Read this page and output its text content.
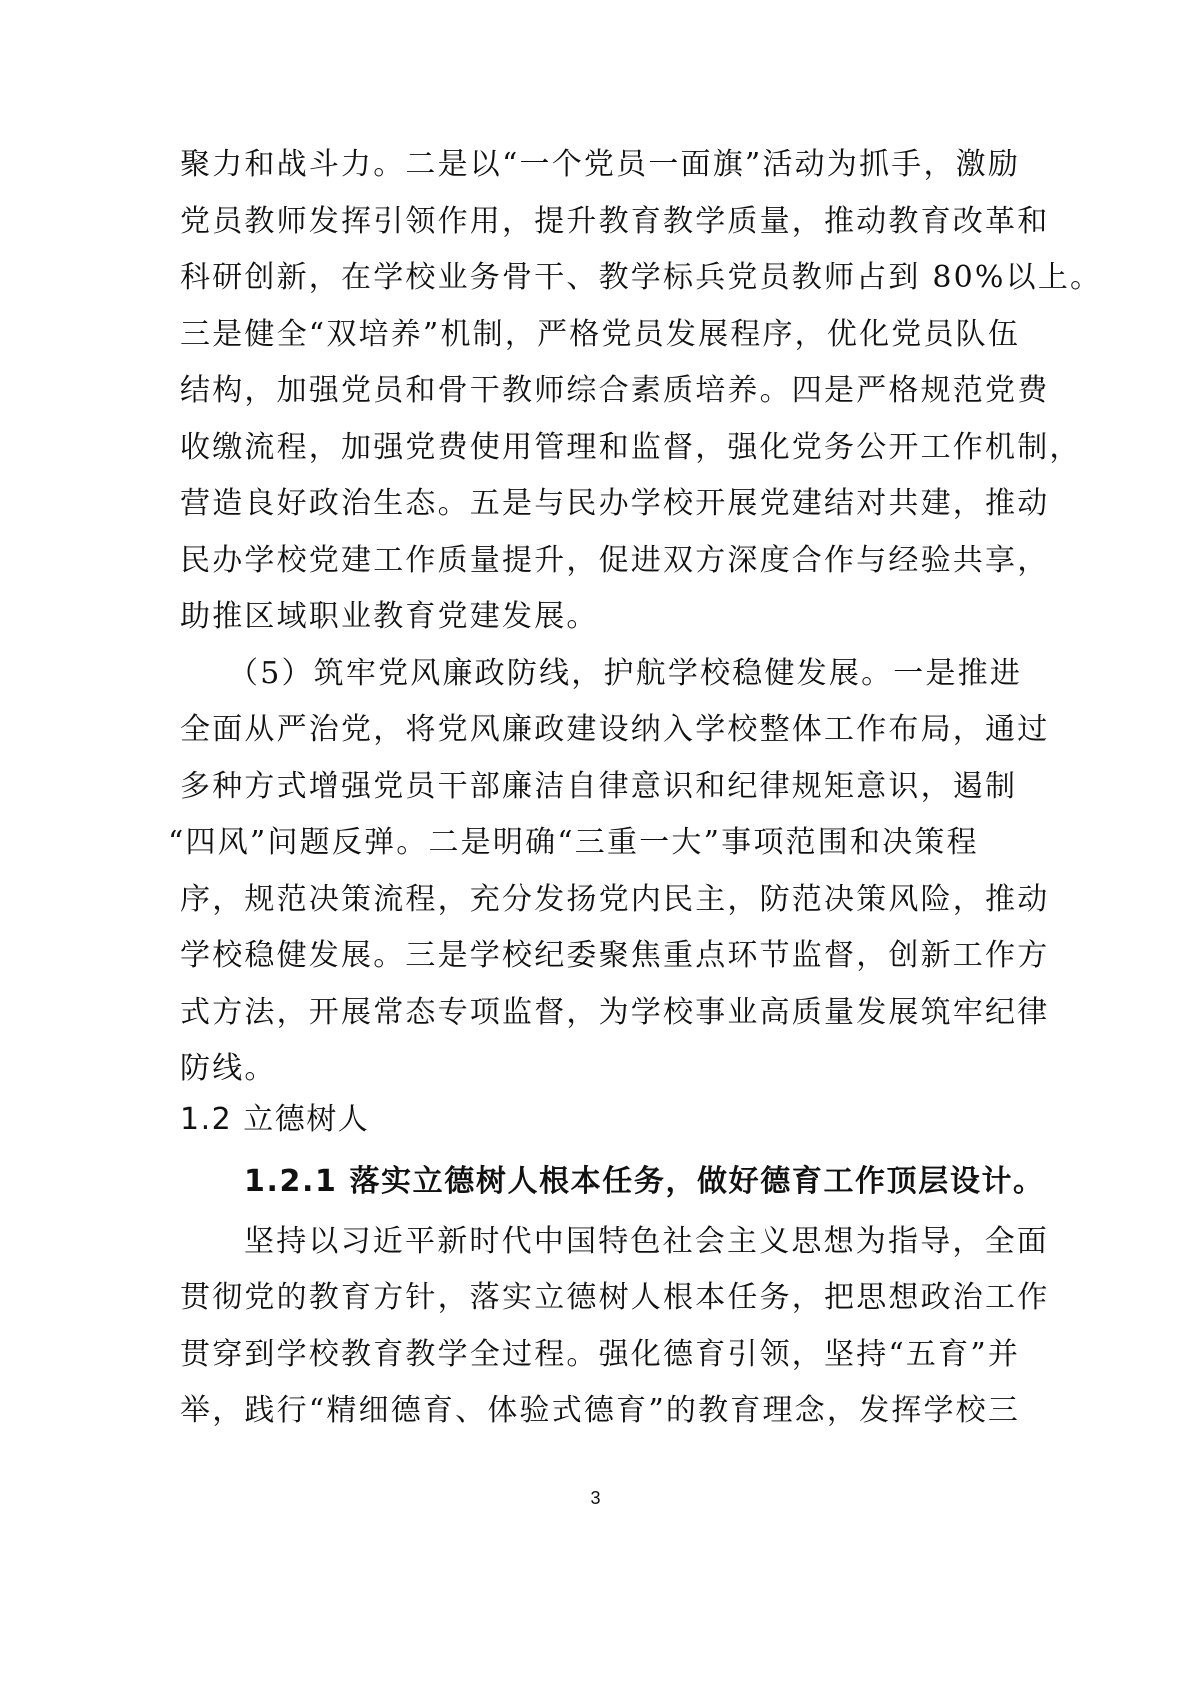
聚力和战斗力。二是以“一个党员一面旗”活动为抓手，激励
党员教师发挥引领作用，提升教育教学质量，推动教育改革和
科研创新，在学校业务骨干、教学标兵党员教师占到 80%以上。
三是健全“双培养”机制，严格党员发展程序，优化党员队伍
结构，加强党员和骨干教师综合素质培养。四是严格规范党费
收缴流程，加强党费使用管理和监督，强化党务公开工作机制，
营造良好政治生态。五是与民办学校开展党建结对共建，推动
民办学校党建工作质量提升，促进双方深度合作与经验共享，
助推区域职业教育党建发展。
（5）筑牢党风廉政防线，护航学校稳健发展。一是推进
全面从严治党，将党风廉政建设纳入学校整体工作布局，通过
多种方式增强党员干部廉洁自律意识和纪律规矩意识，遏制
“四风”问题反弹。二是明确“三重一大”事项范围和决策程
序，规范决策流程，充分发扬党内民主，防范决策风险，推动
学校稳健发展。三是学校纪委聚焦重点环节监督，创新工作方
式方法，开展常态专项监督，为学校事业高质量发展筑牢纪律
防线。
1.2 立德树人
1.2.1 落实立德树人根本任务，做好德育工作顶层设计。
坚持以习近平新时代中国特色社会主义思想为指导，全面
贯彻党的教育方针，落实立德树人根本任务，把思想政治工作
贯穿到学校教育教学全过程。强化德育引领，坚持“五育”并
举，践行“精细德育、体验式德育”的教育理念，发挥学校三
3
